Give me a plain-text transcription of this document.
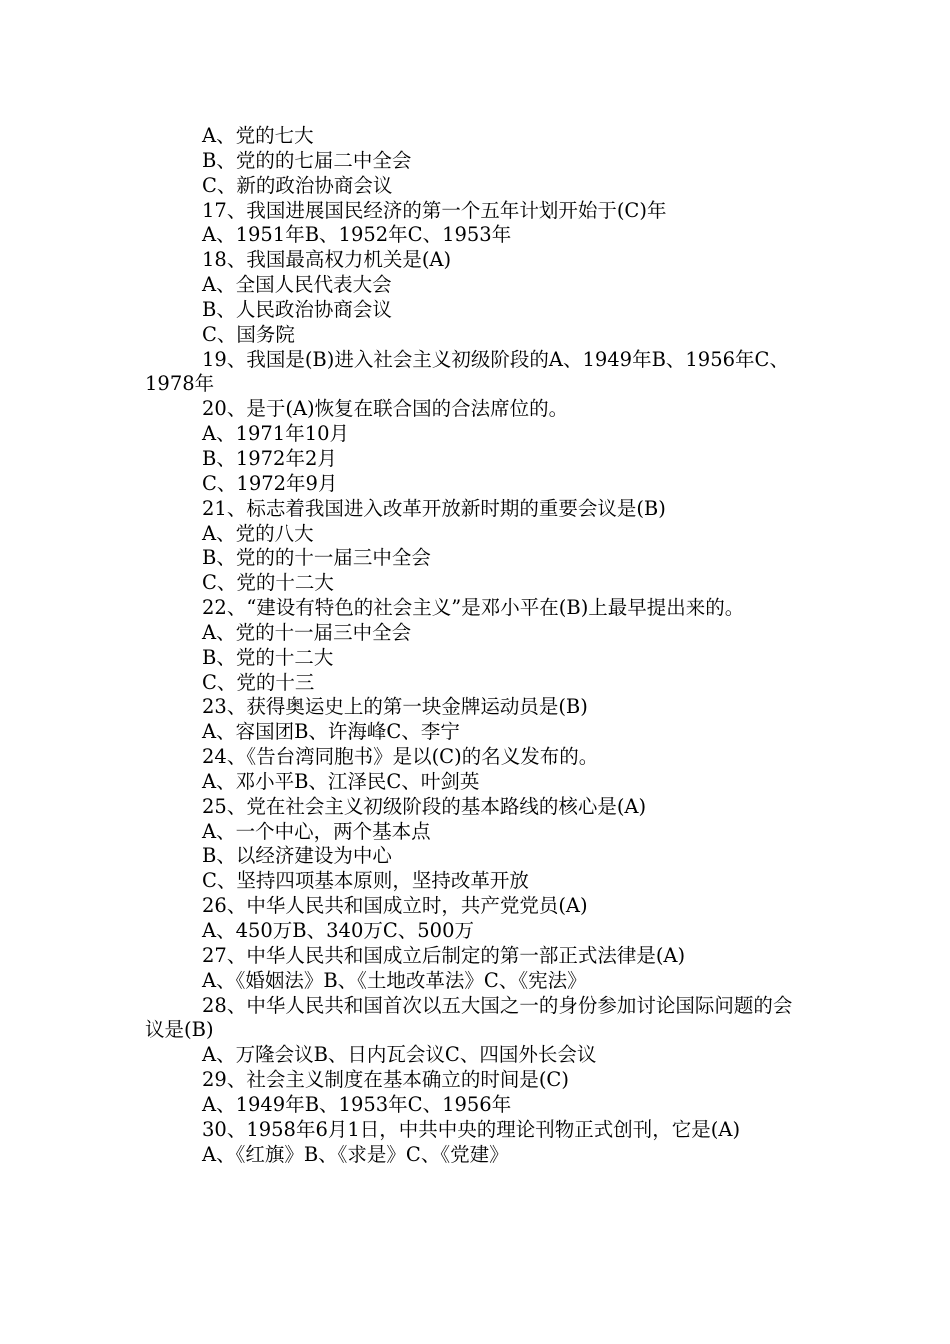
A、党的七大

B、党的的七届二中全会

C、新的政治协商会议

17、我国进展国民经济的第一个五年计划开始于(C)年

A、1951年B、1952年C、1953年

18、我国最高权力机关是(A)

A、全国人民代表大会

B、人民政治协商会议

C、国务院

19、我国是(B)进入社会主义初级阶段的A、1949年B、1956年C、1978年

20、是于(A)恢复在联合国的合法席位的。

A、1971年10月

B、1972年2月

C、1972年9月

21、标志着我国进入改革开放新时期的重要会议是(B)

A、党的八大

B、党的的十一届三中全会

C、党的十二大

22、“建设有特色的社会主义”是邓小平在(B)上最早提出来的。

A、党的十一届三中全会

B、党的十二大

C、党的十三

23、获得奥运史上的第一块金牌运动员是(B)

A、容国团B、许海峰C、李宁

24、《告台湾同胞书》是以(C)的名义发布的。

A、邓小平B、江泽民C、叶剑英

25、党在社会主义初级阶段的基本路线的核心是(A)

A、一个中心，两个基本点

B、以经济建设为中心

C、坚持四项基本原则，坚持改革开放

26、中华人民共和国成立时，共产党党员(A)

A、450万B、340万C、500万

27、中华人民共和国成立后制定的第一部正式法律是(A)

A、《婚姻法》B、《土地改革法》C、《宪法》

28、中华人民共和国首次以五大国之一的身份参加讨论国际问题的会议是(B)

A、万隆会议B、日内瓦会议C、四国外长会议

29、社会主义制度在基本确立的时间是(C)

A、1949年B、1953年C、1956年

30、1958年6月1日，中共中央的理论刊物正式创刊，它是(A)

A、《红旗》B、《求是》C、《党建》
